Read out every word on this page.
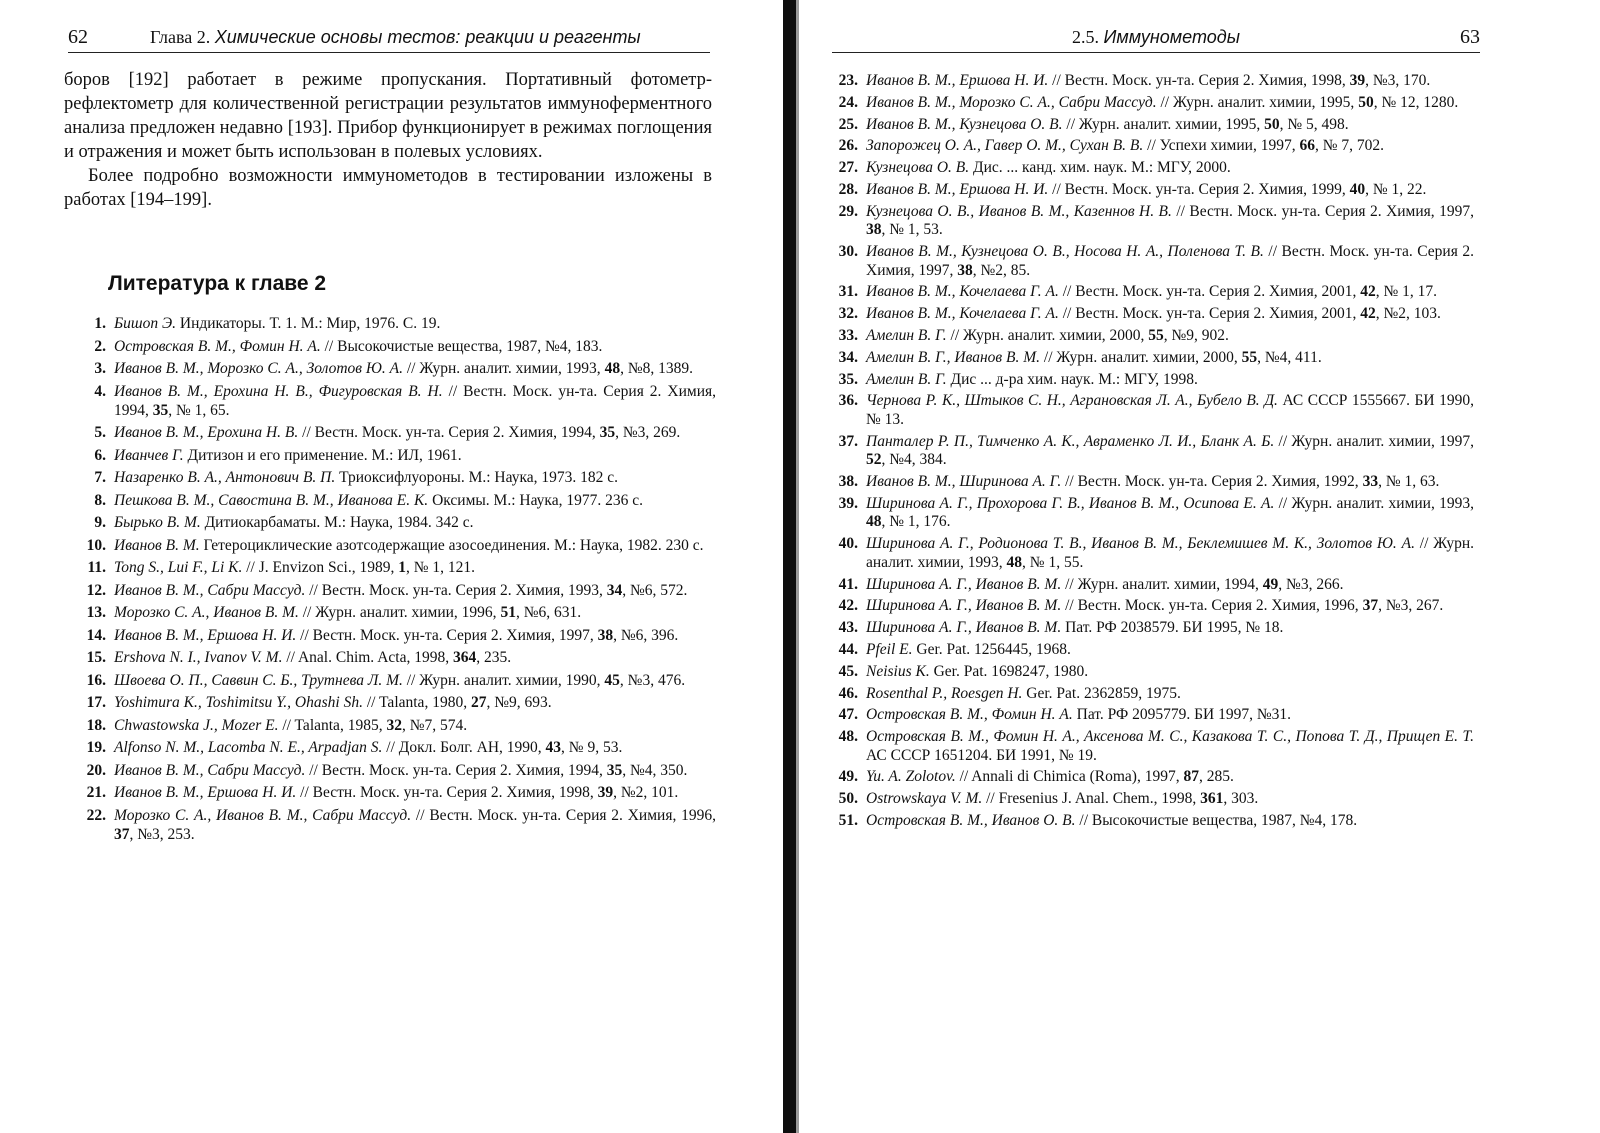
62	Глава 2. Химические основы тестов: реакции и реагенты

боров [192] работает в режиме пропускания. Портативный фотометр-рефлектометр для количественной регистрации результатов иммуноферментного анализа предложен недавно [193]. Прибор функционирует в режимах поглощения и отражения и может быть использован в полевых условиях.

Более подробно возможности иммунометодов в тестировании изложены в работах [194–199].

Литература к главе 2
1. Бишоп Э. Индикаторы. Т. 1. М.: Мир, 1976. С. 19.
2. Островская В. М., Фомин Н. А. // Высокочистые вещества, 1987, №4, 183.
3. Иванов В. М., Морозко С. А., Золотов Ю. А. // Журн. аналит. химии, 1993, 48, №8, 1389.
4. Иванов В. М., Ерохина Н. В., Фигуровская В. Н. // Вестн. Моск. ун-та. Серия 2. Химия, 1994, 35, № 1, 65.
5. Иванов В. М., Ерохина Н. В. // Вестн. Моск. ун-та. Серия 2. Химия, 1994, 35, №3, 269.
6. Иванчев Г. Дитизон и его применение. М.: ИЛ, 1961.
7. Назаренко В. А., Антонович В. П. Триоксифлуороны. М.: Наука, 1973. 182 с.
8. Пешкова В. М., Савостина В. М., Иванова Е. К. Оксимы. М.: Наука, 1977. 236 с.
9. Бырько В. М. Дитиокарбаматы. М.: Наука, 1984. 342 с.
10. Иванов В. М. Гетероциклические азотсодержащие азосоединения. М.: Наука, 1982. 230 с.
11. Tong S., Lui F., Li K. // J. Envizon Sci., 1989, 1, № 1, 121.
12. Иванов В. М., Сабри Массуд. // Вестн. Моск. ун-та. Серия 2. Химия, 1993, 34, №6, 572.
13. Морозко С. А., Иванов В. М. // Журн. аналит. химии, 1996, 51, №6, 631.
14. Иванов В. М., Ершова Н. И. // Вестн. Моск. ун-та. Серия 2. Химия, 1997, 38, №6, 396.
15. Ershova N. I., Ivanov V. M. // Anal. Chim. Acta, 1998, 364, 235.
16. Швоева О. П., Саввин С. Б., Трутнева Л. М. // Журн. аналит. химии, 1990, 45, №3, 476.
17. Yoshimura K., Toshimitsu Y., Ohashi Sh. // Talanta, 1980, 27, №9, 693.
18. Chwastowska J., Mozer E. // Talanta, 1985, 32, №7, 574.
19. Alfonso N. M., Lacomba N. E., Arpadjan S. // Докл. Болг. АН, 1990, 43, № 9, 53.
20. Иванов В. М., Сабри Массуд. // Вестн. Моск. ун-та. Серия 2. Химия, 1994, 35, №4, 350.
21. Иванов В. М., Ершова Н. И. // Вестн. Моск. ун-та. Серия 2. Химия, 1998, 39, №2, 101.
22. Морозко С. А., Иванов В. М., Сабри Массуд. // Вестн. Моск. ун-та. Серия 2. Химия, 1996, 37, №3, 253.
2.5. Иммунометоды	63
23. Иванов В. М., Ершова Н. И. // Вестн. Моск. ун-та. Серия 2. Химия, 1998, 39, №3, 170.
24. Иванов В. М., Морозко С. А., Сабри Массуд. // Журн. аналит. химии, 1995, 50, № 12, 1280.
25. Иванов В. М., Кузнецова О. В. // Журн. аналит. химии, 1995, 50, № 5, 498.
26. Запорожец О. А., Гавер О. М., Сухан В. В. // Успехи химии, 1997, 66, № 7, 702.
27. Кузнецова О. В. Дис. ... канд. хим. наук. М.: МГУ, 2000.
28. Иванов В. М., Ершова Н. И. // Вестн. Моск. ун-та. Серия 2. Химия, 1999, 40, № 1, 22.
29. Кузнецова О. В., Иванов В. М., Казеннов Н. В. // Вестн. Моск. ун-та. Серия 2. Химия, 1997, 38, № 1, 53.
30. Иванов В. М., Кузнецова О. В., Носова Н. А., Поленова Т. В. // Вестн. Моск. ун-та. Серия 2. Химия, 1997, 38, №2, 85.
31. Иванов В. М., Кочелаева Г. А. // Вестн. Моск. ун-та. Серия 2. Химия, 2001, 42, № 1, 17.
32. Иванов В. М., Кочелаева Г. А. // Вестн. Моск. ун-та. Серия 2. Химия, 2001, 42, №2, 103.
33. Амелин В. Г. // Журн. аналит. химии, 2000, 55, №9, 902.
34. Амелин В. Г., Иванов В. М. // Журн. аналит. химии, 2000, 55, №4, 411.
35. Амелин В. Г. Дис ... д-ра хим. наук. М.: МГУ, 1998.
36. Чернова Р. К., Штыков С. Н., Аграновская Л. А., Бубело В. Д. АС СССР 1555667. БИ 1990, № 13.
37. Панталер Р. П., Тимченко А. К., Авраменко Л. И., Бланк А. Б. // Журн. аналит. химии, 1997, 52, №4, 384.
38. Иванов В. М., Ширинова А. Г. // Вестн. Моск. ун-та. Серия 2. Химия, 1992, 33, № 1, 63.
39. Ширинова А. Г., Прохорова Г. В., Иванов В. М., Осипова Е. А. // Журн. аналит. химии, 1993, 48, № 1, 176.
40. Ширинова А. Г., Родионова Т. В., Иванов В. М., Беклемишев М. К., Золотов Ю. А. // Журн. аналит. химии, 1993, 48, № 1, 55.
41. Ширинова А. Г., Иванов В. М. // Журн. аналит. химии, 1994, 49, №3, 266.
42. Ширинова А. Г., Иванов В. М. // Вестн. Моск. ун-та. Серия 2. Химия, 1996, 37, №3, 267.
43. Ширинова А. Г., Иванов В. М. Пат. РФ 2038579. БИ 1995, № 18.
44. Pfeil E. Ger. Pat. 1256445, 1968.
45. Neisius K. Ger. Pat. 1698247, 1980.
46. Rosenthal P., Roesgen H. Ger. Pat. 2362859, 1975.
47. Островская В. М., Фомин Н. А. Пат. РФ 2095779. БИ 1997, №31.
48. Островская В. М., Фомин Н. А., Аксенова М. С., Казакова Т. С., Попова Т. Д., Прищеп Е. Т. АС СССР 1651204. БИ 1991, № 19.
49. Yu. A. Zolotov. // Annali di Chimica (Roma), 1997, 87, 285.
50. Ostrowskaya V. M. // Fresenius J. Anal. Chem., 1998, 361, 303.
51. Островская В. М., Иванов О. В. // Высокочистые вещества, 1987, №4, 178.
